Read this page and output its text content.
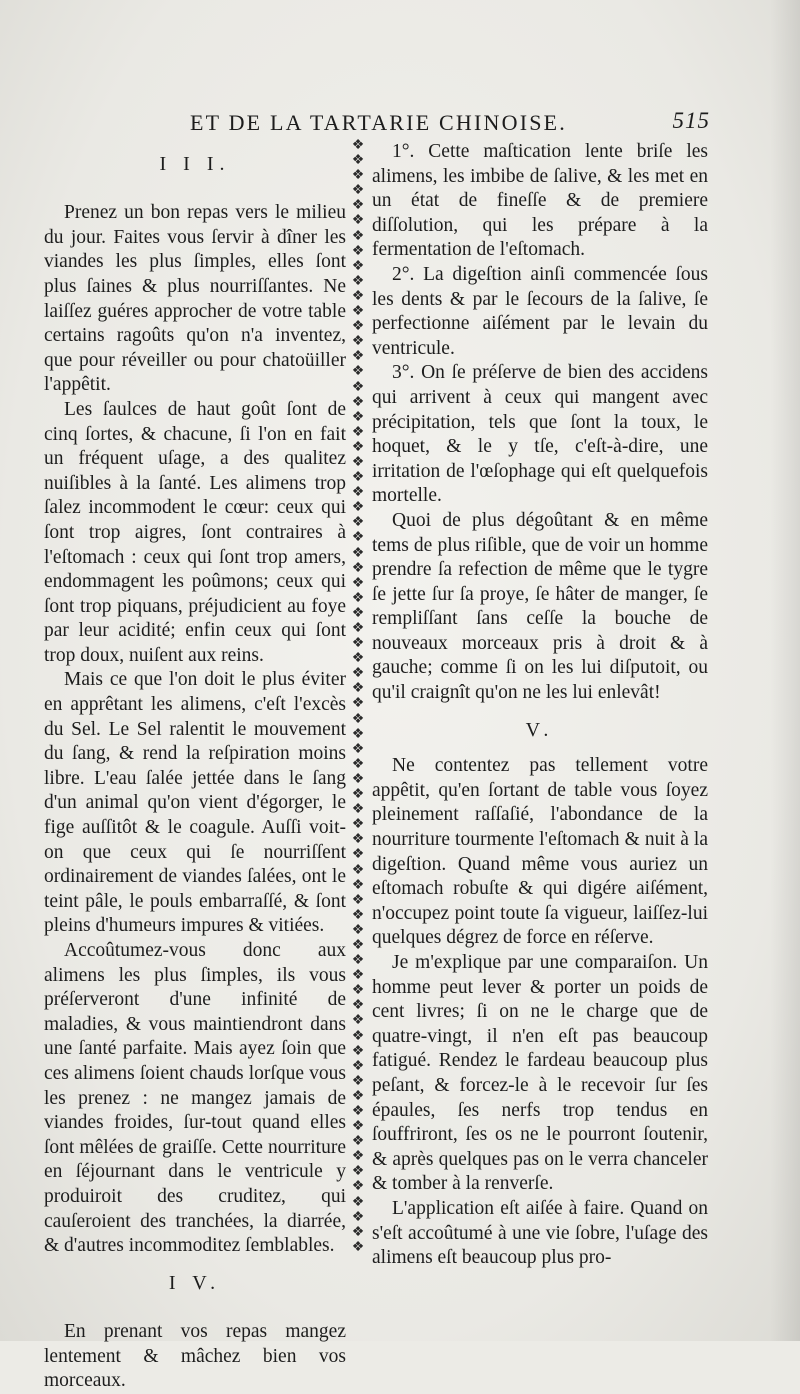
ET DE LA TARTARIE CHINOISE.	515
I I I.

Prenez un bon repas vers le milieu du jour. Faites vous ſervir à dîner les viandes les plus ſimples, elles ſont plus ſaines & plus nourriſſantes. Ne laiſſez guéres approcher de votre table certains ragoûts qu'on n'a inventez, que pour réveiller ou pour chatoüiller l'appêtit.

Les ſaulces de haut goût ſont de cinq ſortes, & chacune, ſi l'on en fait un fréquent uſage, a des qualitez nuiſibles à la ſanté. Les alimens trop ſalez incommodent le cœur: ceux qui ſont trop aigres, ſont contraires à l'eſtomach : ceux qui ſont trop amers, endommagent les poûmons; ceux qui ſont trop piquans, préjudicient au foye par leur acidité; enfin ceux qui ſont trop doux, nuiſent aux reins.

Mais ce que l'on doit le plus éviter en apprêtant les alimens, c'eſt l'excès du Sel. Le Sel ralentit le mouvement du ſang, & rend la reſpiration moins libre. L'eau ſalée jettée dans le ſang d'un animal qu'on vient d'égorger, le fige auſſitôt & le coagule. Auſſi voit-on que ceux qui ſe nourriſſent ordinairement de viandes ſalées, ont le teint pâle, le pouls embarraſſé, & ſont pleins d'humeurs impures & vitiées.

Accoûtumez-vous donc aux alimens les plus ſimples, ils vous préſerveront d'une infinité de maladies, & vous maintiendront dans une ſanté parfaite. Mais ayez ſoin que ces alimens ſoient chauds lorſque vous les prenez : ne mangez jamais de viandes froides, ſur-tout quand elles ſont mêlées de graiſſe. Cette nourriture en ſéjournant dans le ventricule y produiroit des cruditez, qui cauſeroient des tranchées, la diarrée, & d'autres incommoditez ſemblables.

I V.

En prenant vos repas mangez lentement & mâchez bien vos morceaux.

❖
❖
❖
❖
❖
❖
❖
❖
❖
❖
❖
❖
❖
❖
❖
❖
❖
❖
❖
❖
❖
❖
❖
❖
❖
❖
❖
❖
❖
❖
❖
❖
❖
❖
❖
❖
❖
❖
❖
❖
❖
❖
❖
❖
❖
❖
❖
❖
❖
❖
❖
❖
❖
❖
❖
❖
❖
❖
❖
❖
❖
❖
❖
❖
❖
❖
❖
❖
❖
❖
❖
❖
❖
❖

1°. Cette maſtication lente briſe les alimens, les imbibe de ſalive, & les met en un état de fineſſe & de premiere diſſolution, qui les prépare à la fermentation de l'eſtomach.

2°. La digeſtion ainſi commencée ſous les dents & par le ſecours de la ſalive, ſe perfectionne aiſément par le levain du ventricule.

3°. On ſe préſerve de bien des accidens qui arrivent à ceux qui mangent avec précipitation, tels que ſont la toux, le hoquet, & le y tſe, c'eſt-à-dire, une irritation de l'œſophage qui eſt quelquefois mortelle.

Quoi de plus dégoûtant & en même tems de plus riſible, que de voir un homme prendre ſa refection de même que le tygre ſe jette ſur ſa proye, ſe hâter de manger, ſe rempliſſant ſans ceſſe la bouche de nouveaux morceaux pris à droit & à gauche; comme ſi on les lui diſputoit, ou qu'il craignît qu'on ne les lui enlevât!

V.

Ne contentez pas tellement votre appêtit, qu'en ſortant de table vous ſoyez pleinement raſſaſié, l'abondance de la nourriture tourmente l'eſtomach & nuit à la digeſtion. Quand même vous auriez un eſtomach robuſte & qui digére aiſément, n'occupez point toute ſa vigueur, laiſſez-lui quelques dégrez de force en réſerve.

Je m'explique par une comparaiſon. Un homme peut lever & porter un poids de cent livres; ſi on ne le charge que de quatre-vingt, il n'en eſt pas beaucoup fatigué. Rendez le fardeau beaucoup plus peſant, & forcez-le à le recevoir ſur ſes épaules, ſes nerfs trop tendus en ſouffriront, ſes os ne le pourront ſoutenir, & après quelques pas on le verra chanceler & tomber à la renverſe.

L'application eſt aiſée à faire. Quand on s'eſt accoûtumé à une vie ſobre, l'uſage des alimens eſt beaucoup plus pro-
